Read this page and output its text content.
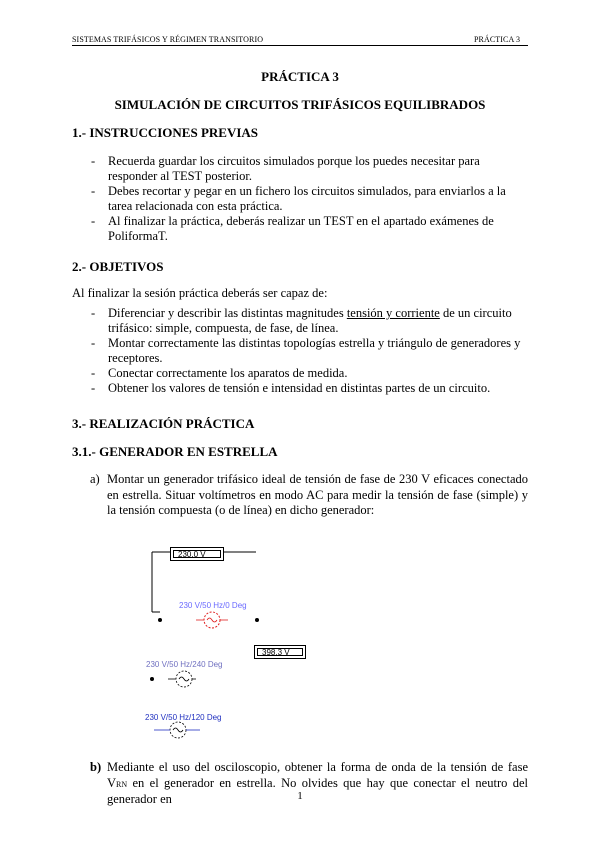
SISTEMAS TRIFÁSICOS Y RÉGIMEN TRANSITORIO	PRÁCTICA 3
PRÁCTICA 3
SIMULACIÓN DE CIRCUITOS TRIFÁSICOS EQUILIBRADOS
1.- INSTRUCCIONES PREVIAS
- Recuerda guardar los circuitos simulados porque los puedes necesitar para responder al TEST posterior.
- Debes recortar y pegar en un fichero los circuitos simulados, para enviarlos a la tarea relacionada con esta práctica.
- Al finalizar la práctica, deberás realizar un TEST en el apartado exámenes de PoliformaT.
2.- OBJETIVOS
Al finalizar la sesión práctica deberás ser capaz de:
- Diferenciar y describir las distintas magnitudes tensión y corriente de un circuito trifásico: simple, compuesta, de fase, de línea.
- Montar correctamente las distintas topologías estrella y triángulo de generadores y receptores.
- Conectar correctamente los aparatos de medida.
- Obtener los valores de tensión e intensidad en distintas partes de un circuito.
3.- REALIZACIÓN PRÁCTICA
3.1.- GENERADOR EN ESTRELLA
a) Montar un generador trifásico ideal de tensión de fase de 230 V eficaces conectado en estrella. Situar voltímetros en modo AC para medir la tensión de fase (simple) y la tensión compuesta (o de línea) en dicho generador:
230.0 V
398.3 V
230 V/50 Hz/0 Deg
230 V/50 Hz/240 Deg
230 V/50 Hz/120 Deg
b) Mediante el uso del osciloscopio, obtener la forma de onda de la tensión de fase VRN en el generador en estrella. No olvides que hay que conectar el neutro del generador en	1
